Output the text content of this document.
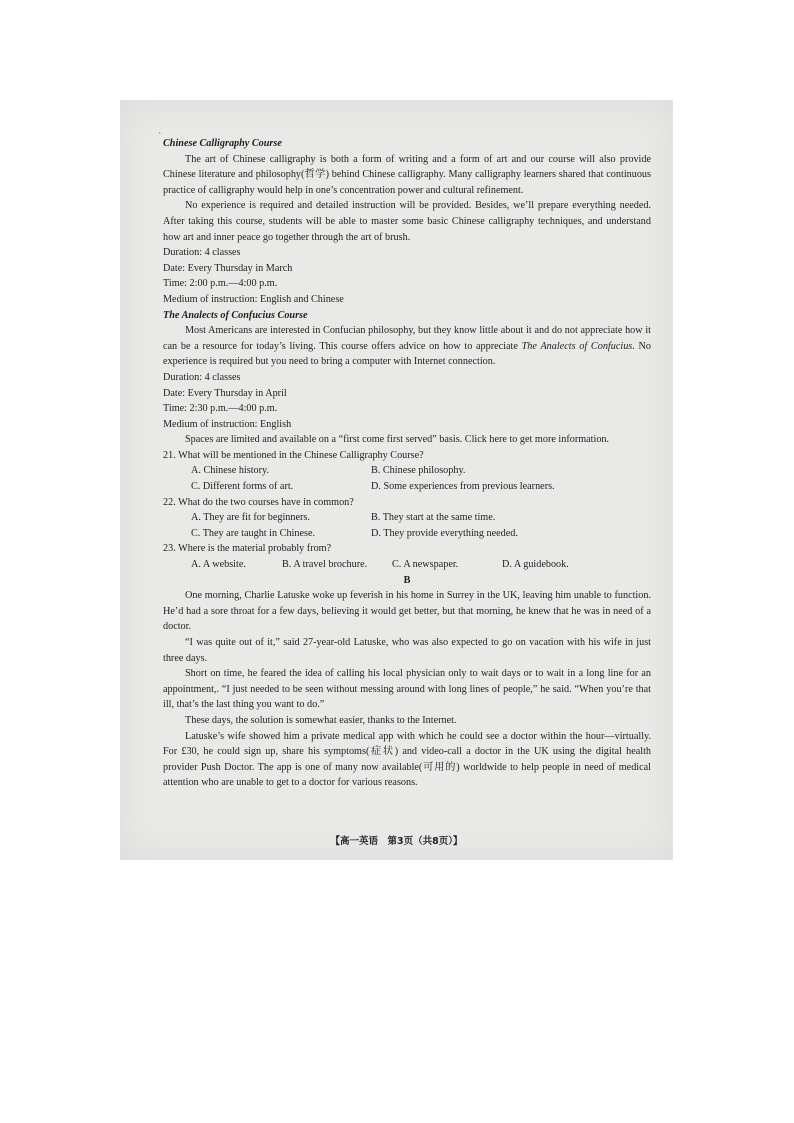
ˋ

Chinese Calligraphy Course

The art of Chinese calligraphy is both a form of writing and a form of art and our course will also provide Chinese literature and philosophy(哲学) behind Chinese calligraphy. Many calligraphy learners shared that continuous practice of calligraphy would help in one’s concentration power and cultural refinement.

No experience is required and detailed instruction will be provided. Besides, we’ll prepare everything needed. After taking this course, students will be able to master some basic Chinese calligraphy techniques, and understand how art and inner peace go together through the art of brush.

Duration: 4 classes

Date: Every Thursday in March

Time: 2:00 p.m.—4:00 p.m.

Medium of instruction: English and Chinese

The Analects of Confucius Course

Most Americans are interested in Confucian philosophy, but they know little about it and do not appreciate how it can be a resource for today’s living. This course offers advice on how to appreciate The Analects of Confucius. No experience is required but you need to bring a computer with Internet connection.

Duration: 4 classes

Date: Every Thursday in April

Time: 2:30 p.m.—4:00 p.m.

Medium of instruction: English

Spaces are limited and available on a “first come first served” basis. Click here to get more information.

21. What will be mentioned in the Chinese Calligraphy Course?

A. Chinese history.	B. Chinese philosophy.
C. Different forms of art.	D. Some experiences from previous learners.

22. What do the two courses have in common?

A. They are fit for beginners.	B. They start at the same time.
C. They are taught in Chinese.	D. They provide everything needed.

23. Where is the material probably from?

A. A website.	B. A travel brochure.	C. A newspaper.	D. A guidebook.

B

One morning, Charlie Latuske woke up feverish in his home in Surrey in the UK, leaving him unable to function. He’d had a sore throat for a few days, believing it would get better, but that morning, he knew that he was in need of a doctor.

“I was quite out of it,” said 27-year-old Latuske, who was also expected to go on vacation with his wife in just three days.

Short on time, he feared the idea of calling his local physician only to wait days or to wait in a long line for an appointment,. “I just needed to be seen without messing around with long lines of people,” he said. “When you’re that ill, that’s the last thing you want to do.”

These days, the solution is somewhat easier, thanks to the Internet.

Latuske’s wife showed him a private medical app with which he could see a doctor within the hour—virtually. For £30, he could sign up, share his symptoms(症状) and video-call a doctor in the UK using the digital health provider Push Doctor. The app is one of many now available(可用的) worldwide to help people in need of medical attention who are unable to get to a doctor for various reasons.

【高一英语　第3页（共8页）】
